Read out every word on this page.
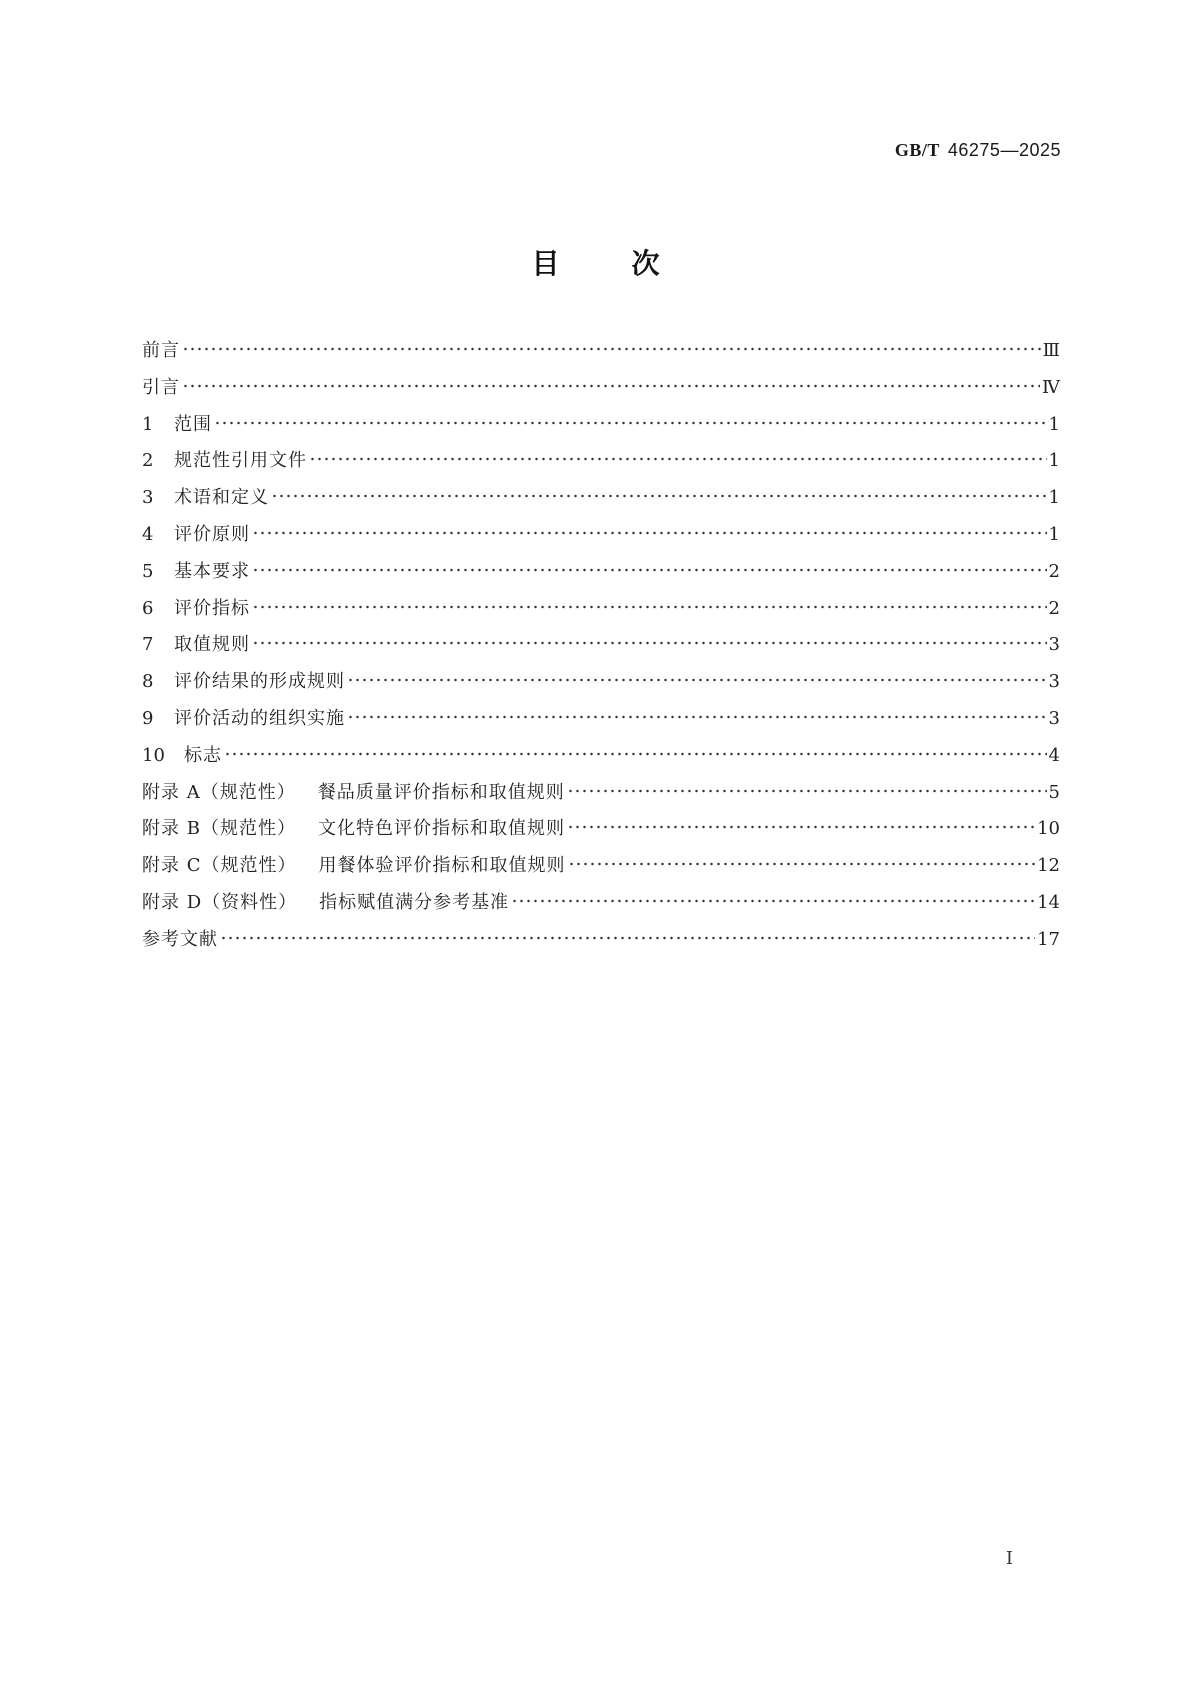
GB/T 46275—2025
目	次
前言	Ⅲ
引言	Ⅳ
1	范围	1
2	规范性引用文件	1
3	术语和定义	1
4	评价原则	1
5	基本要求	2
6	评价指标	2
7	取值规则	3
8	评价结果的形成规则	3
9	评价活动的组织实施	3
10	标志	4
附录 A（规范性） 餐品质量评价指标和取值规则	5
附录 B（规范性） 文化特色评价指标和取值规则	10
附录 C（规范性） 用餐体验评价指标和取值规则	12
附录 D（资料性） 指标赋值满分参考基准	14
参考文献	17
Ⅰ
